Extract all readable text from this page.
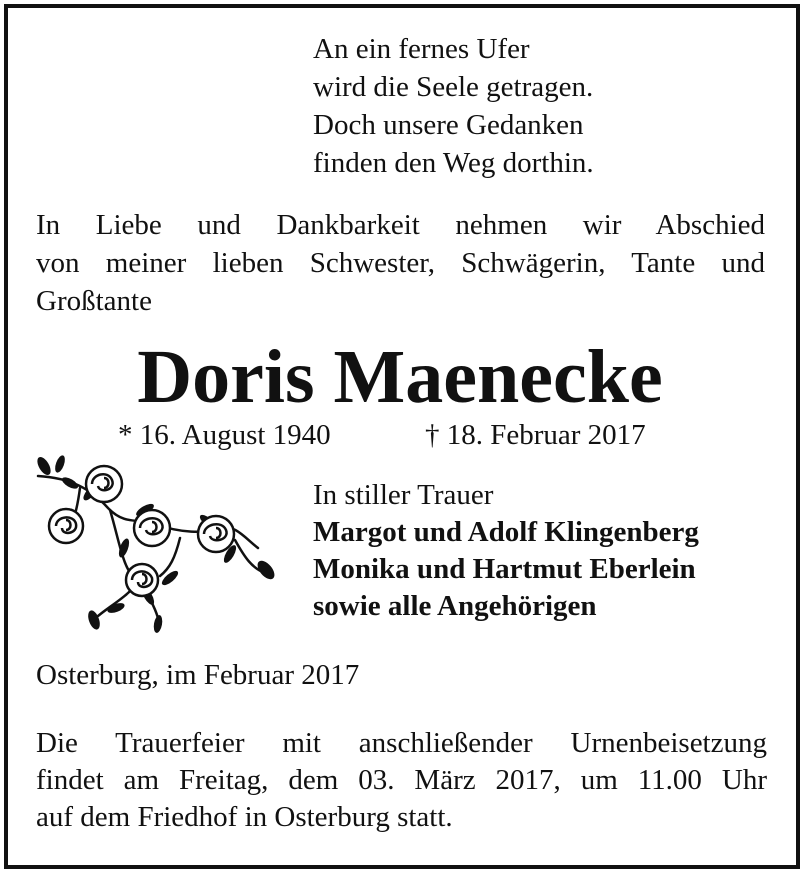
An ein fernes Ufer
wird die Seele getragen.
Doch unsere Gedanken
finden den Weg dorthin.
In Liebe und Dankbarkeit nehmen wir Abschied
von meiner lieben Schwester, Schwägerin, Tante und
Großtante
Doris Maenecke
* 16. August 1940	† 18. Februar 2017
In stiller Trauer
Margot und Adolf Klingenberg
Monika und Hartmut Eberlein
sowie alle Angehörigen
Osterburg, im Februar 2017
Die Trauerfeier mit anschließender Urnenbeisetzung
findet am Freitag, dem 03. März 2017, um 11.00 Uhr
auf dem Friedhof in Osterburg statt.
